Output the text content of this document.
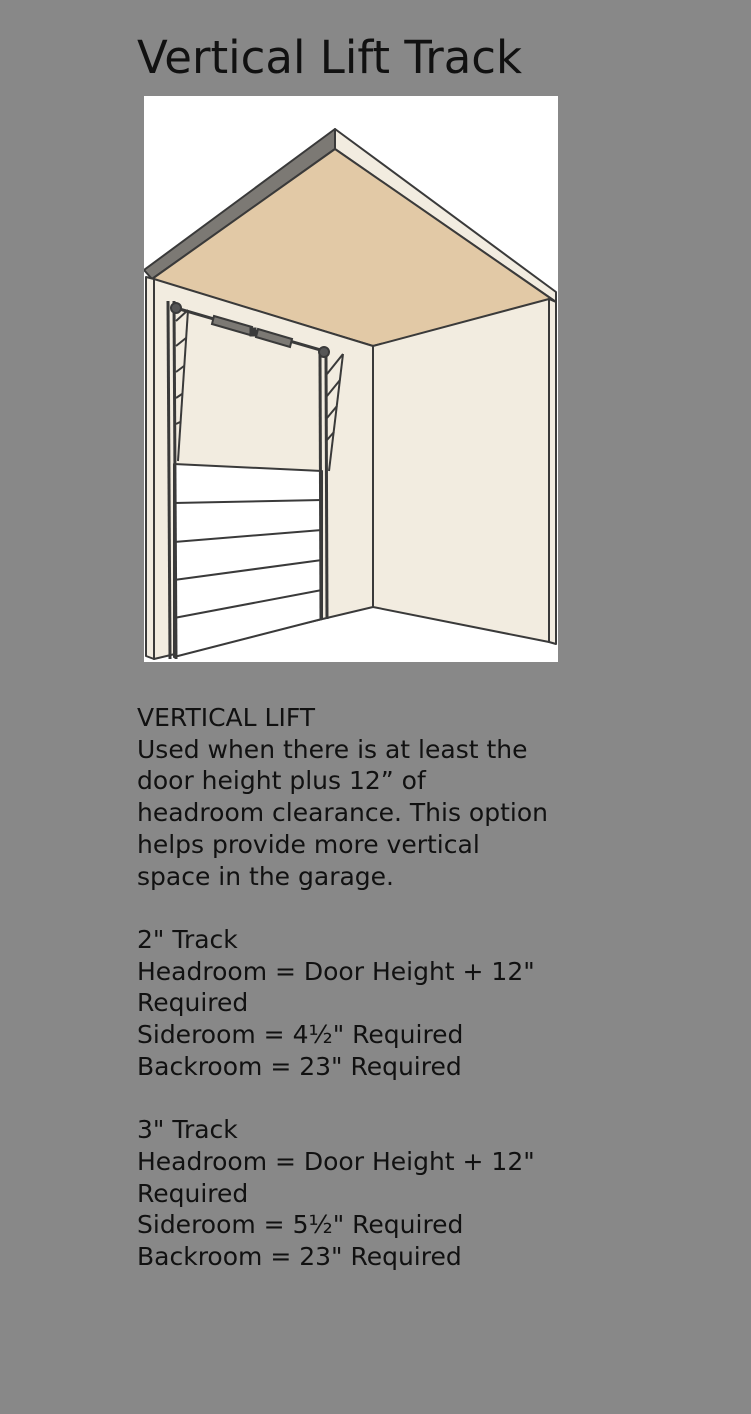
Vertical Lift Track
VERTICAL LIFT
Used when there is at least the
door height plus 12” of
headroom clearance. This option
helps provide more vertical
space in the garage.
2" Track
Headroom = Door Height + 12"
Required
Sideroom = 4½" Required
Backroom = 23" Required
3" Track
Headroom = Door Height + 12"
Required
Sideroom = 5½" Required
Backroom = 23" Required
